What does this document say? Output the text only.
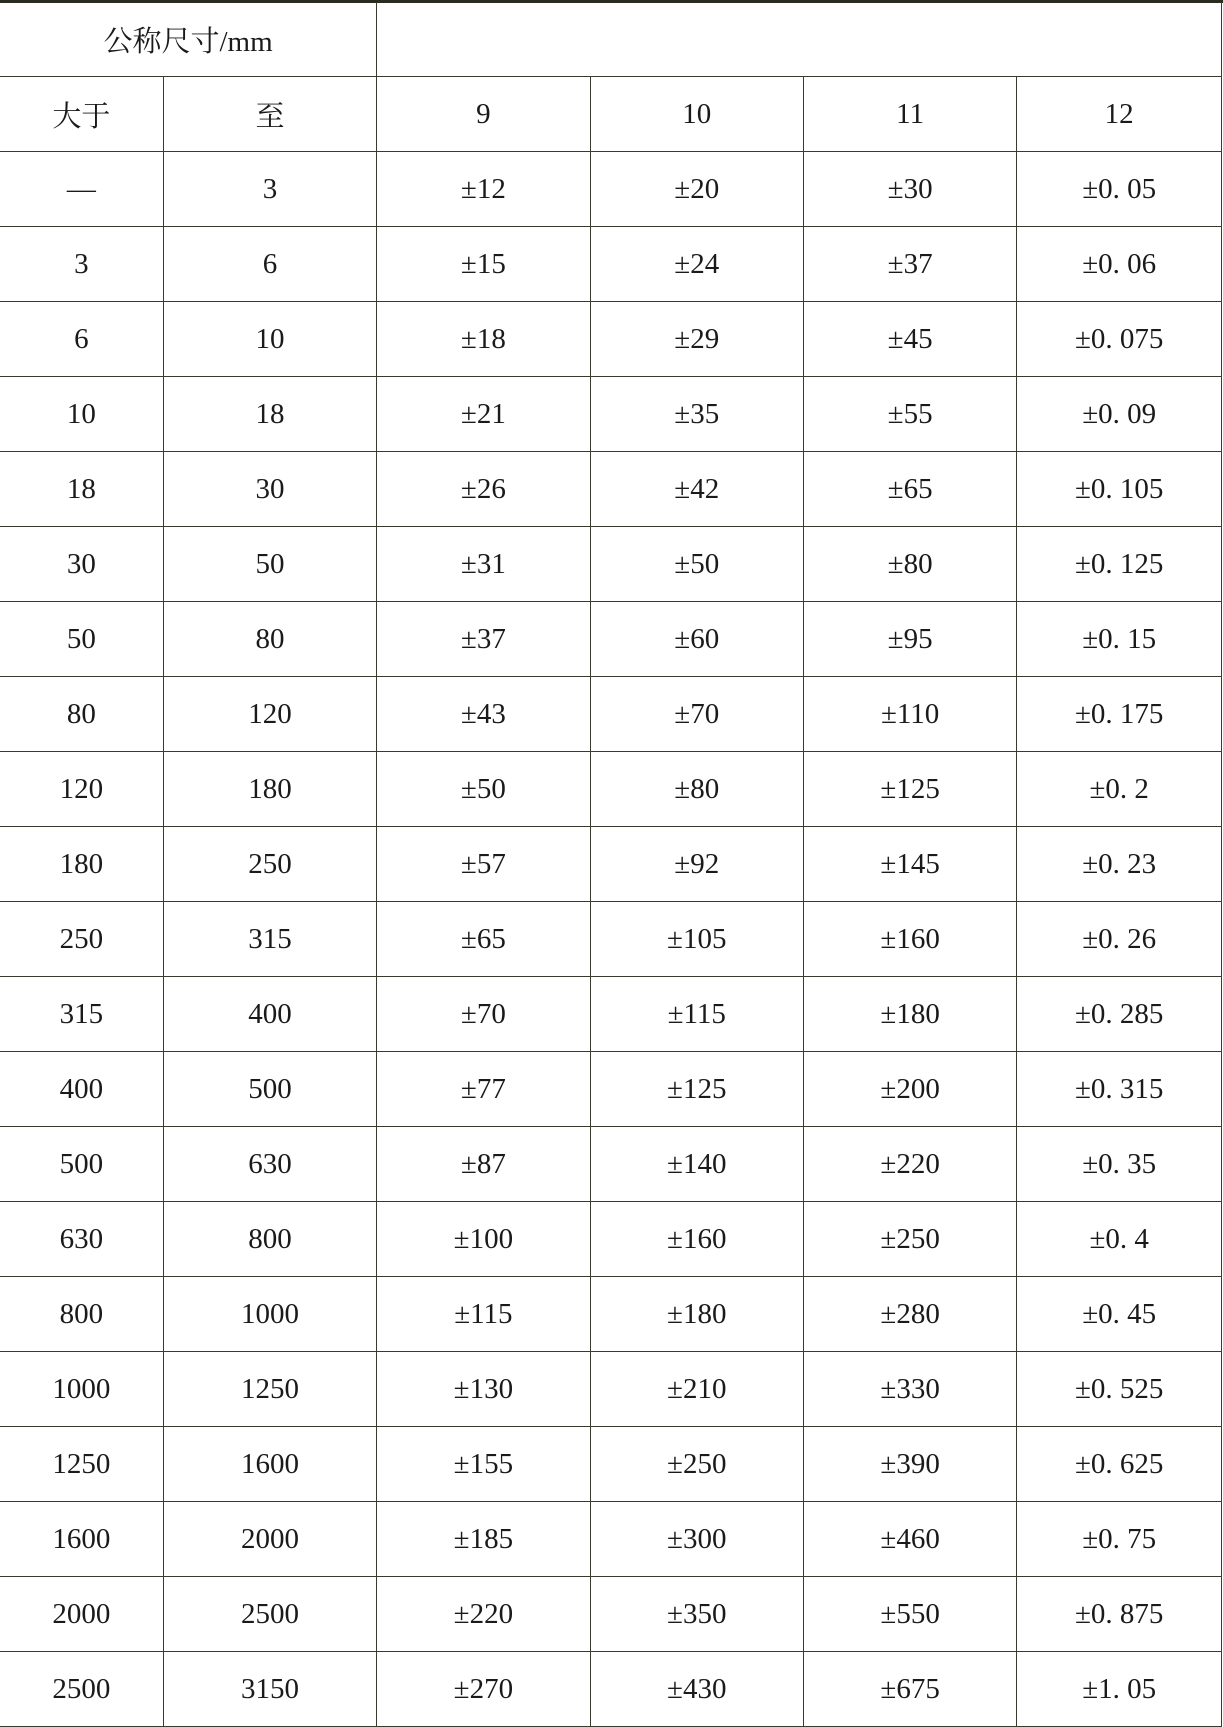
公称尺寸/mm					
大于	至	9	10	11	12
—	3	±12	±20	±30	±0. 05
3	6	±15	±24	±37	±0. 06
6	10	±18	±29	±45	±0. 075
10	18	±21	±35	±55	±0. 09
18	30	±26	±42	±65	±0. 105
30	50	±31	±50	±80	±0. 125
50	80	±37	±60	±95	±0. 15
80	120	±43	±70	±110	±0. 175
120	180	±50	±80	±125	±0. 2
180	250	±57	±92	±145	±0. 23
250	315	±65	±105	±160	±0. 26
315	400	±70	±115	±180	±0. 285
400	500	±77	±125	±200	±0. 315
500	630	±87	±140	±220	±0. 35
630	800	±100	±160	±250	±0. 4
800	1000	±115	±180	±280	±0. 45
1000	1250	±130	±210	±330	±0. 525
1250	1600	±155	±250	±390	±0. 625
1600	2000	±185	±300	±460	±0. 75
2000	2500	±220	±350	±550	±0. 875
2500	3150	±270	±430	±675	±1. 05
